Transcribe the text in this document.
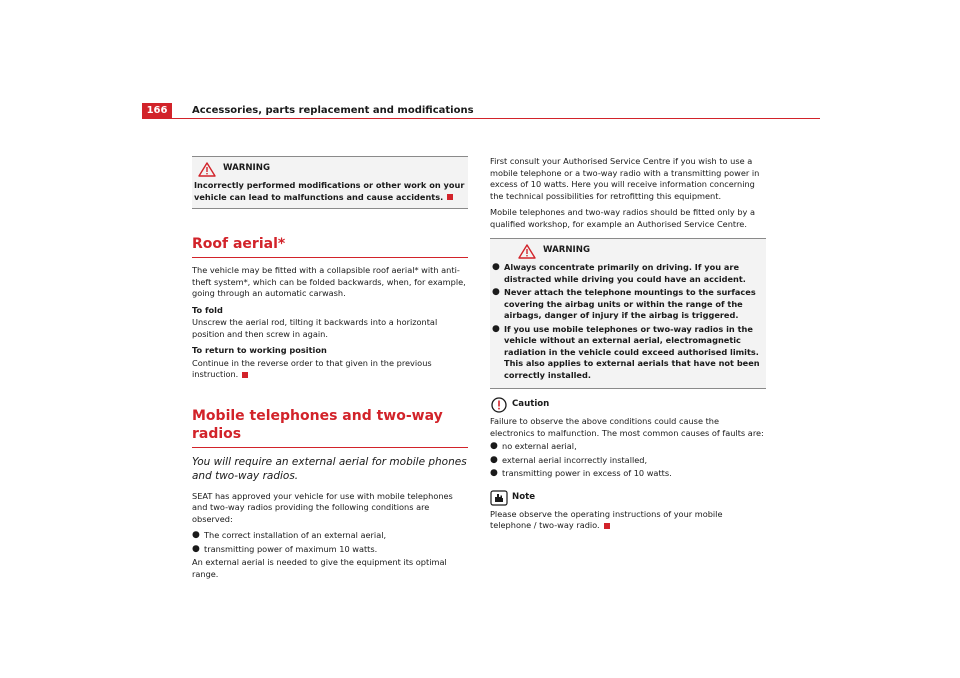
166	Accessories, parts replacement and modifications
WARNING
Incorrectly performed modifications or other work on your vehicle can lead to malfunctions and cause accidents.
Roof aerial*

The vehicle may be fitted with a collapsible roof aerial* with anti-theft system*, which can be folded backwards, when, for example, going through an automatic carwash.

To fold

Unscrew the aerial rod, tilting it backwards into a horizontal position and then screw in again.

To return to working position

Continue in the reverse order to that given in the previous instruction.

Mobile telephones and two-way radios
You will require an external aerial for mobile phones and two-way radios.

SEAT has approved your vehicle for use with mobile telephones and two-way radios providing the following conditions are observed:

● The correct installation of an external aerial,
● transmitting power of maximum 10 watts.

An external aerial is needed to give the equipment its optimal range.

First consult your Authorised Service Centre if you wish to use a mobile telephone or a two-way radio with a transmitting power in excess of 10 watts. Here you will receive information concerning the technical possibilities for retrofitting this equipment.

Mobile telephones and two-way radios should be fitted only by a qualified workshop, for example an Authorised Service Centre.

WARNING
● Always concentrate primarily on driving. If you are distracted while driving you could have an accident.
● Never attach the telephone mountings to the surfaces covering the airbag units or within the range of the airbags, danger of injury if the airbag is triggered.
● If you use mobile telephones or two-way radios in the vehicle without an external aerial, electromagnetic radiation in the vehicle could exceed authorised limits. This also applies to external aerials that have not been correctly installed.
Caution

Failure to observe the above conditions could cause the electronics to malfunction. The most common causes of faults are:

● no external aerial,
● external aerial incorrectly installed,
● transmitting power in excess of 10 watts.
Note

Please observe the operating instructions of your mobile telephone / two-way radio.
